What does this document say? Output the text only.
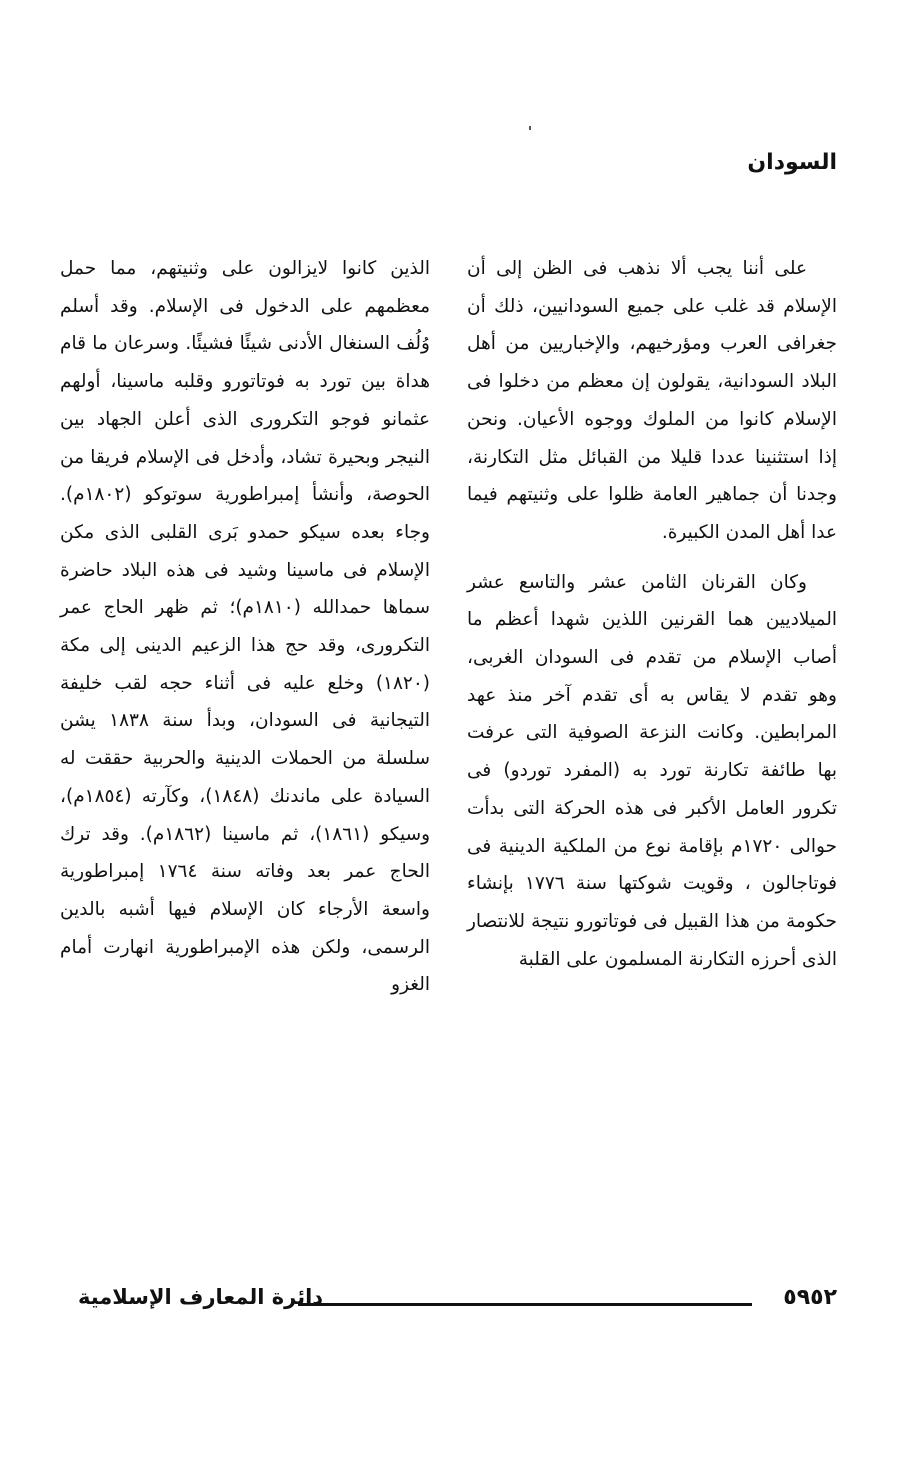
السودان

على أننا يجب ألا نذهب فى الظن إلى أن الإسلام قد غلب على جميع السودانيين، ذلك أن جغرافى العرب ومؤرخيهم، والإخباريين من أهل البلاد السودانية، يقولون إن معظم من دخلوا فى الإسلام كانوا من الملوك ووجوه الأعيان. ونحن إذا استثنينا عددا قليلا من القبائل مثل التكارنة، وجدنا أن جماهير العامة ظلوا على وثنيتهم فيما عدا أهل المدن الكبيرة.

وكان القرنان الثامن عشر والتاسع عشر الميلاديين هما القرنين اللذين شهدا أعظم ما أصاب الإسلام من تقدم فى السودان الغربى، وهو تقدم لا يقاس به أى تقدم آخر منذ عهد المرابطين. وكانت النزعة الصوفية التى عرفت بها طائفة تكارنة تورد به (المفرد توردو) فى تكرور العامل الأكبر فى هذه الحركة التى بدأت حوالى ١٧٢٠م بإقامة نوع من الملكية الدينية فى فوتاجالون ، وقويت شوكتها سنة ١٧٧٦ بإنشاء حكومة من هذا القبيل فى فوتاتورو نتيجة للانتصار الذى أحرزه التكارنة المسلمون على القلبة

الذين كانوا لايزالون على وثنيتهم، مما حمل معظمهم على الدخول فى الإسلام. وقد أسلم وُلُف السنغال الأدنى شيئًا فشيئًا. وسرعان ما قام هداة بين تورد به فوتاتورو وقلبه ماسينا، أولهم عثمانو فوجو التكرورى الذى أعلن الجهاد بين النيجر وبحيرة تشاد، وأدخل فى الإسلام فريقا من الحوصة، وأنشأ إمبراطورية سوتوكو (١٨٠٢م). وجاء بعده سيكو حمدو بَرى القلبى الذى مكن الإسلام فى ماسينا وشيد فى هذه البلاد حاضرة سماها حمدالله (١٨١٠م)؛ ثم ظهر الحاج عمر التكرورى، وقد حج هذا الزعيم الدينى إلى مكة (١٨٢٠) وخلع عليه فى أثناء حجه لقب خليفة التيجانية فى السودان، وبدأ سنة ١٨٣٨ يشن سلسلة من الحملات الدينية والحربية حققت له السيادة على ماندنك (١٨٤٨)، وكآرته (١٨٥٤م)، وسيكو (١٨٦١)، ثم ماسينا (١٨٦٢م). وقد ترك الحاج عمر بعد وفاته سنة ١٧٦٤ إمبراطورية واسعة الأرجاء كان الإسلام فيها أشبه بالدين الرسمى، ولكن هذه الإمبراطورية انهارت أمام الغزو

٥٩٥٢
دائرة المعارف الإسلامية
